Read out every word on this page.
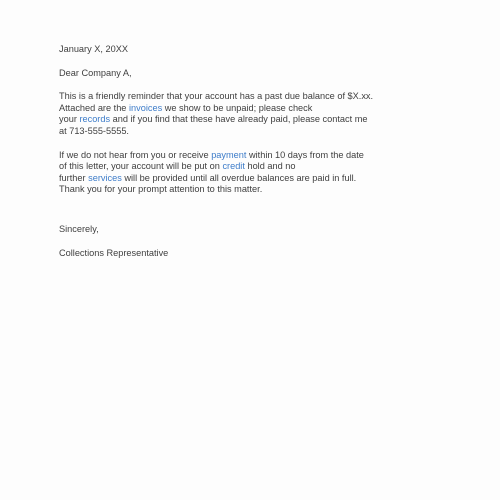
January X, 20XX
Dear Company A,
This is a friendly reminder that your account has a past due balance of $X.xx.
Attached are the invoices we show to be unpaid; please check
your records and if you find that these have already paid, please contact me
at 713-555-5555.
If we do not hear from you or receive payment within 10 days from the date
of this letter, your account will be put on credit hold and no
further services will be provided until all overdue balances are paid in full.
Thank you for your prompt attention to this matter.
Sincerely,
Collections Representative
